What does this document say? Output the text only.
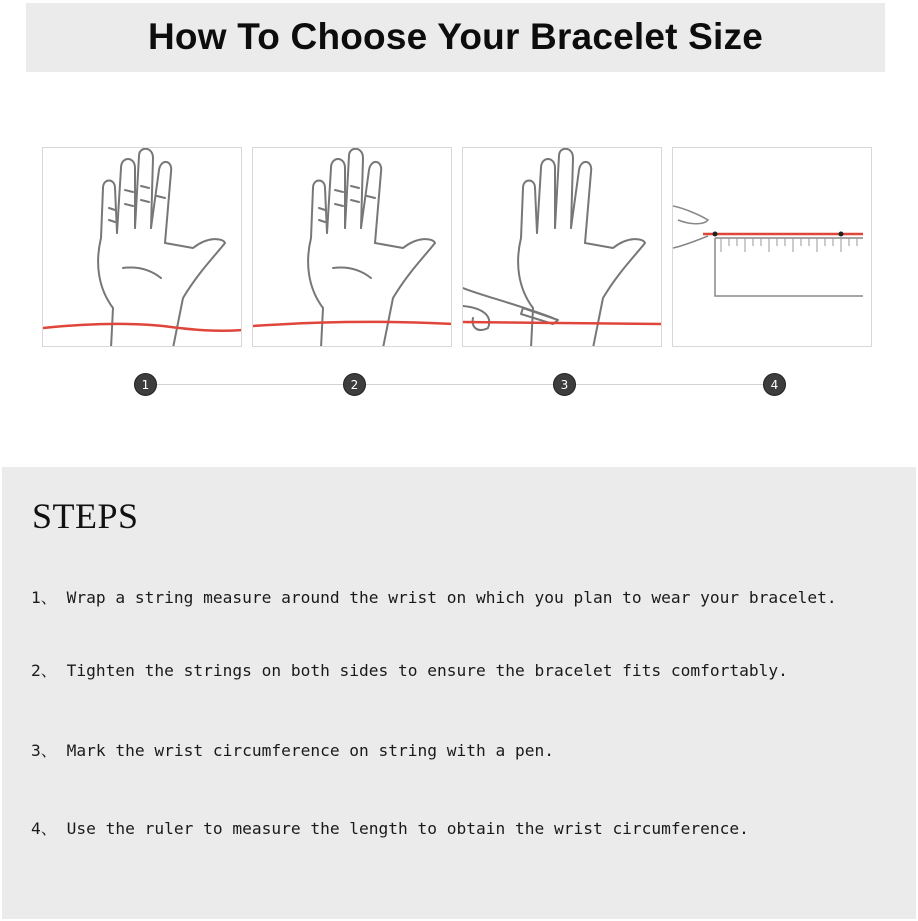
How To Choose Your Bracelet Size
1	2	3	4
STEPS
1、 Wrap a string measure around the wrist on which you plan to wear your bracelet.
2、 Tighten the strings on both sides to ensure the bracelet fits comfortably.
3、 Mark the wrist circumference on string with a pen.
4、 Use the ruler to measure the length to obtain the wrist circumference.
